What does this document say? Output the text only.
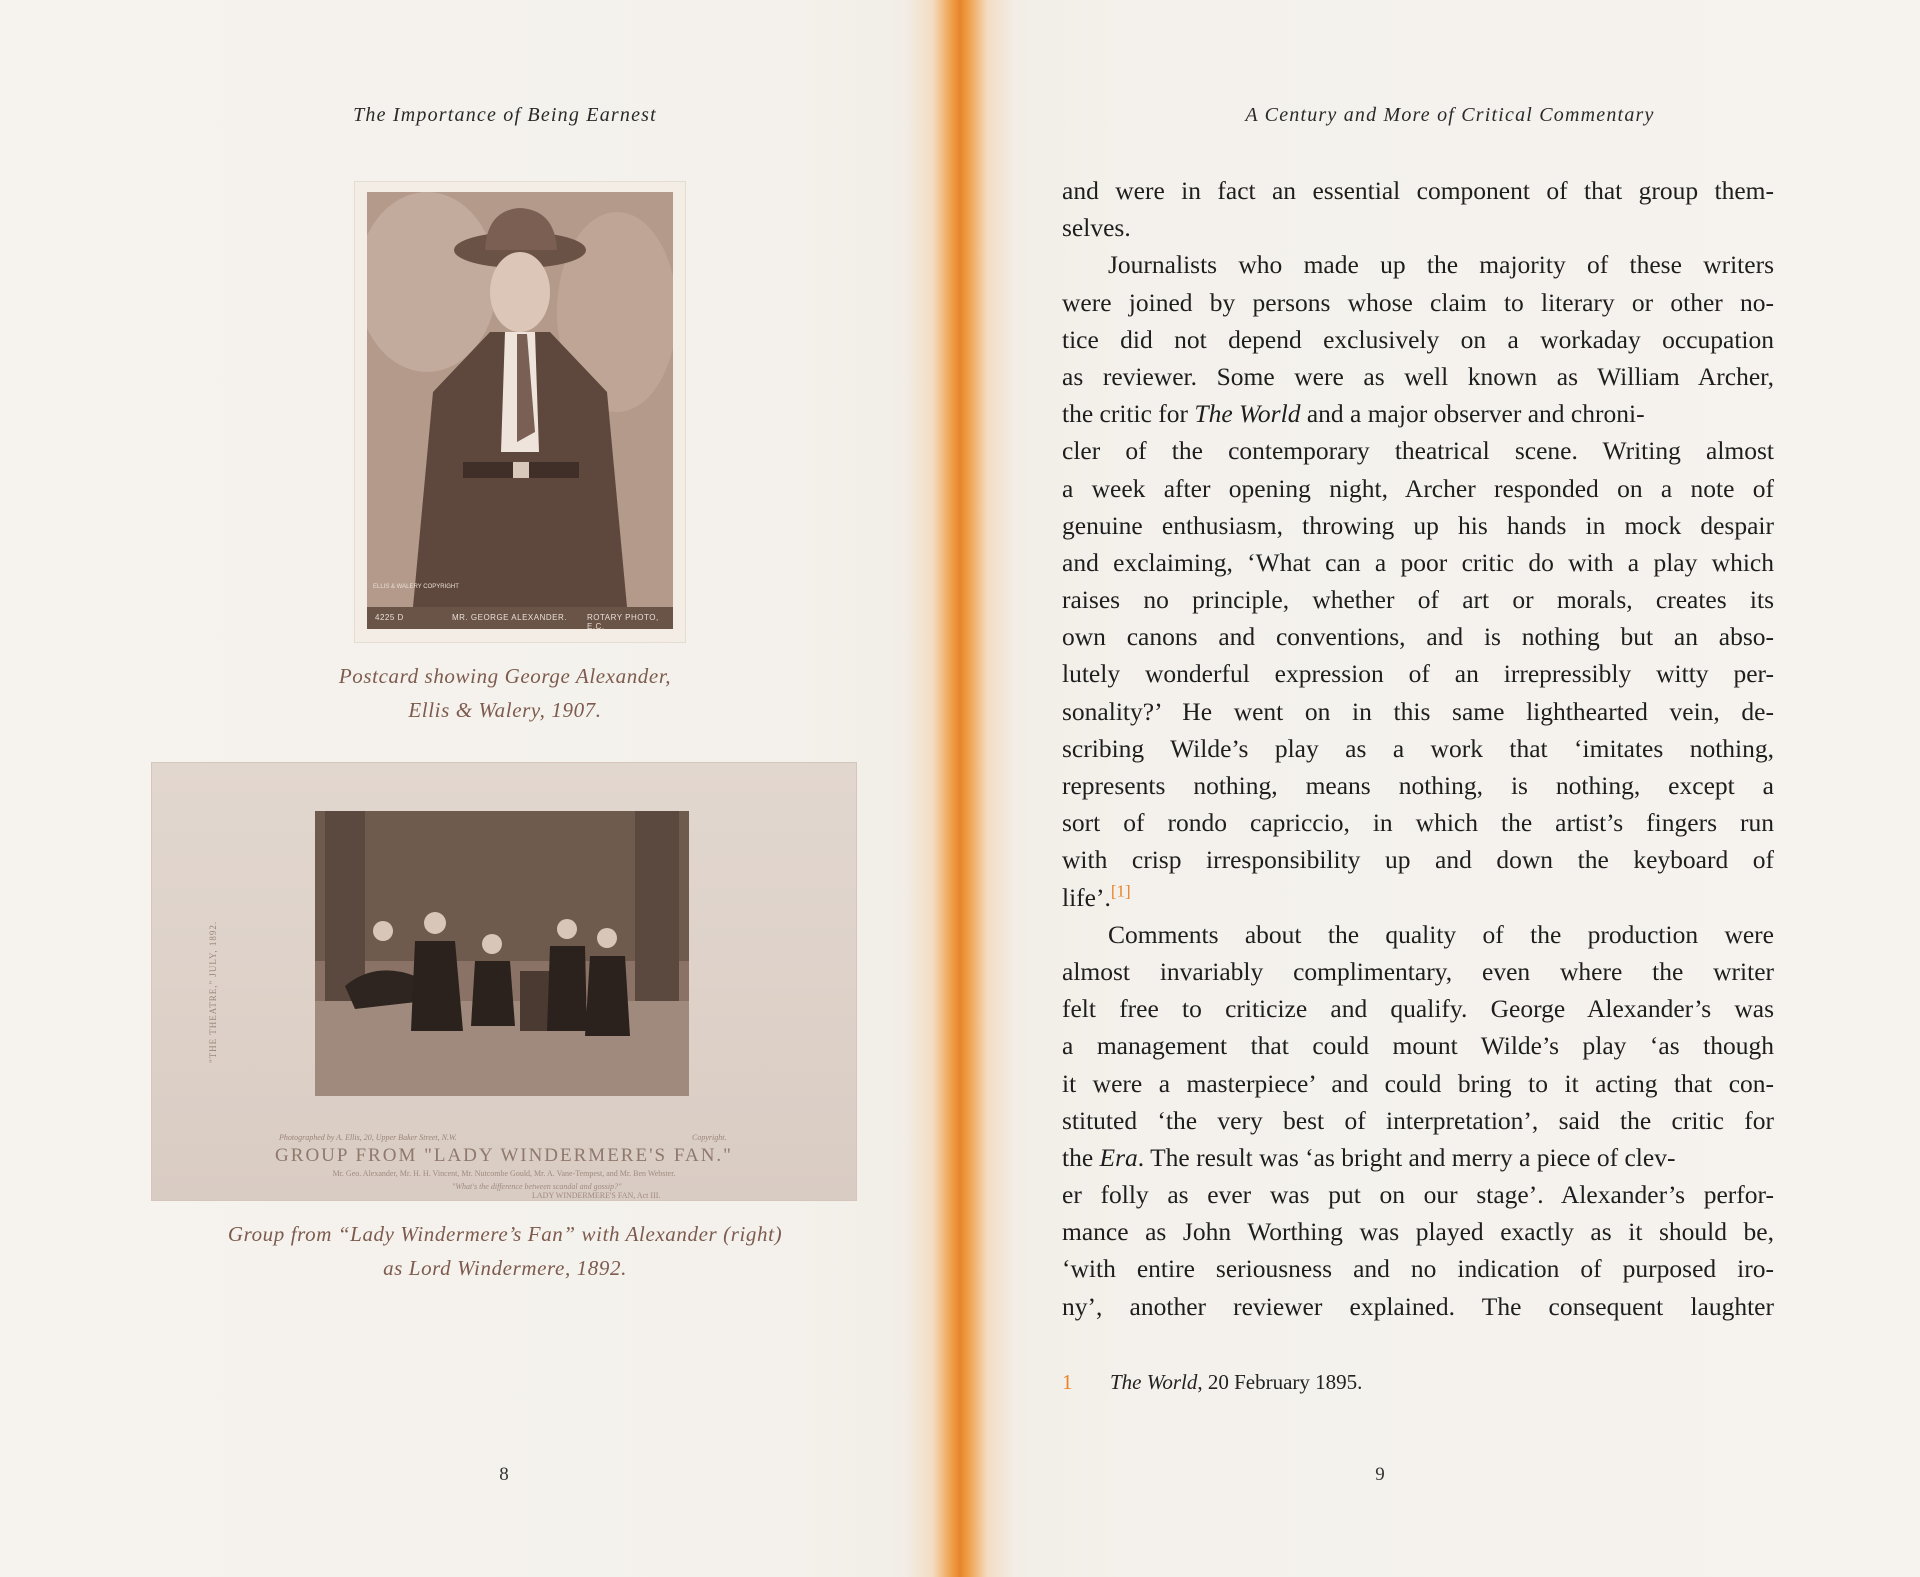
The Importance of Being Earnest
4225 D	MR. GEORGE ALEXANDER.	ROTARY PHOTO, E.C.
ELLIS & WALERY COPYRIGHT
Postcard showing George Alexander,
Ellis & Walery, 1907.
"THE THEATRE," JULY, 1892.
Photographed by A. Ellis, 20, Upper Baker Street, N.W.	Copyright.
GROUP FROM "LADY WINDERMERE'S FAN."
Mr. Geo. Alexander, Mr. H. H. Vincent, Mr. Nutcombe Gould, Mr. A. Vane-Tempest, and Mr. Ben Webster.
"What's the difference between scandal and gossip?"
LADY WINDERMERE'S FAN, Act III.
Group from “Lady Windermere’s Fan” with Alexander (right)
as Lord Windermere, 1892.
8
A Century and More of Critical Commentary
9
and were in fact an essential component of that group them-
selves.
Journalists who made up the majority of these writers
were joined by persons whose claim to literary or other no-
tice did not depend exclusively on a workaday occupation
as reviewer. Some were as well known as William Archer,
the critic for The World and a major observer and chroni-
cler of the contemporary theatrical scene. Writing almost
a week after opening night, Archer responded on a note of
genuine enthusiasm, throwing up his hands in mock despair
and exclaiming, ‘What can a poor critic do with a play which
raises no principle, whether of art or morals, creates its
own canons and conventions, and is nothing but an abso-
lutely wonderful expression of an irrepressibly witty per-
sonality?’ He went on in this same lighthearted vein, de-
scribing Wilde’s play as a work that ‘imitates nothing,
represents nothing, means nothing, is nothing, except a
sort of rondo capriccio, in which the artist’s fingers run
with crisp irresponsibility up and down the keyboard of
life’.[1]
Comments about the quality of the production were
almost invariably complimentary, even where the writer
felt free to criticize and qualify. George Alexander’s was
a management that could mount Wilde’s play ‘as though
it were a masterpiece’ and could bring to it acting that con-
stituted ‘the very best of interpretation’, said the critic for
the Era. The result was ‘as bright and merry a piece of clev-
er folly as ever was put on our stage’. Alexander’s perfor-
mance as John Worthing was played exactly as it should be,
‘with entire seriousness and no indication of purposed iro-
ny’, another reviewer explained. The consequent laughter
1 The World, 20 February 1895.
